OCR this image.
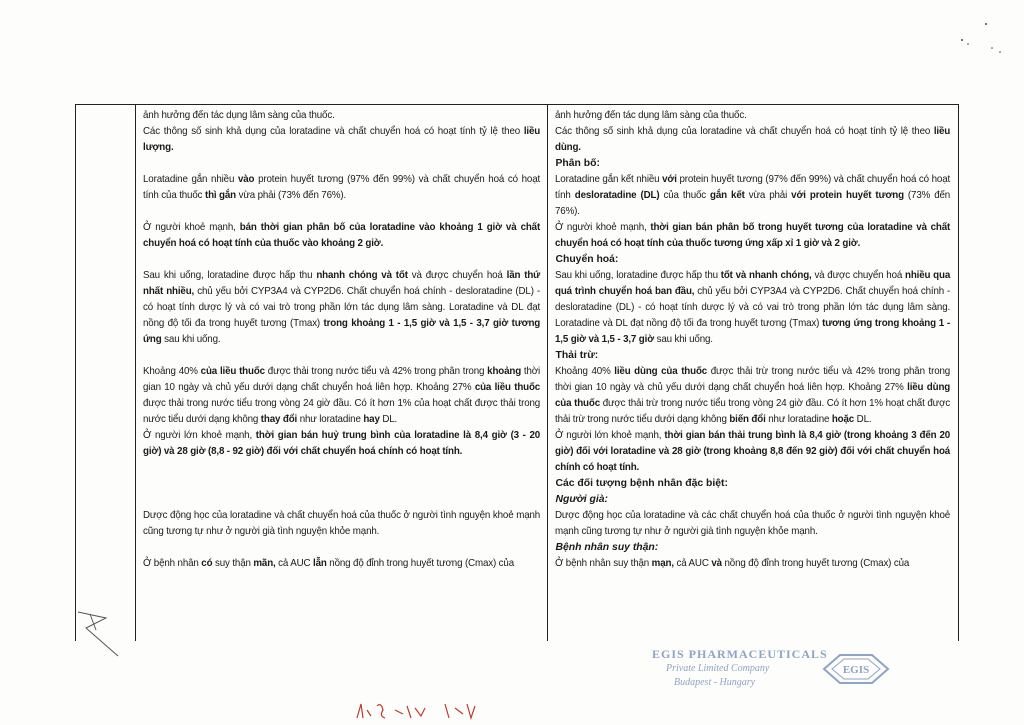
ảnh hưởng đến tác dụng lâm sàng của thuốc.

Các thông số sinh khả dụng của loratadine và chất chuyển hoá có hoạt tính tỷ lệ theo liều lượng.

Loratadine gắn nhiều vào protein huyết tương (97% đến 99%) và chất chuyển hoá có hoạt tính của thuốc thì gắn vừa phải (73% đến 76%).

Ở người khoẻ mạnh, bán thời gian phân bố của loratadine vào khoảng 1 giờ và chất chuyển hoá có hoạt tính của thuốc vào khoảng 2 giờ.

Sau khi uống, loratadine được hấp thu nhanh chóng và tốt và được chuyển hoá lần thứ nhất nhiều, chủ yếu bởi CYP3A4 và CYP2D6. Chất chuyển hoá chính - desloratadine (DL) - có hoạt tính dược lý và có vai trò trong phần lớn tác dụng lâm sàng. Loratadine và DL đạt nồng độ tối đa trong huyết tương (Tmax) trong khoảng 1 - 1,5 giờ và 1,5 - 3,7 giờ tương ứng sau khi uống.

Khoảng 40% của liều thuốc được thải trong nước tiểu và 42% trong phân trong khoảng thời gian 10 ngày và chủ yếu dưới dạng chất chuyển hoá liên hợp. Khoảng 27% của liều thuốc được thải trong nước tiểu trong vòng 24 giờ đầu. Có ít hơn 1% của hoạt chất được thải trong nước tiểu dưới dạng không thay đổi như loratadine hay DL.

Ở người lớn khoẻ mạnh, thời gian bán huỷ trung bình của loratadine là 8,4 giờ (3 - 20 giờ) và 28 giờ (8,8 - 92 giờ) đối với chất chuyển hoá chính có hoạt tính.

Dược động học của loratadine và chất chuyển hoá của thuốc ở người tình nguyện khoẻ mạnh cũng tương tự như ở người già tình nguyện khỏe mạnh.

Ở bệnh nhân có suy thận mãn, cả AUC lẫn nồng độ đỉnh trong huyết tương (Cmax) của

ảnh hưởng đến tác dụng lâm sàng của thuốc.

Các thông số sinh khả dụng của loratadine và chất chuyển hoá có hoạt tính tỷ lệ theo liều dùng.

Phân bố:

Loratadine gắn kết nhiều với protein huyết tương (97% đến 99%) và chất chuyển hoá có hoạt tính desloratadine (DL) của thuốc gắn kết vừa phải với protein huyết tương (73% đến 76%).

Ở người khoẻ mạnh, thời gian bán phân bố trong huyết tương của loratadine và chất chuyển hoá có hoạt tính của thuốc tương ứng xấp xỉ 1 giờ và 2 giờ.

Chuyển hoá:

Sau khi uống, loratadine được hấp thu tốt và nhanh chóng, và được chuyển hoá nhiều qua quá trình chuyển hoá ban đầu, chủ yếu bởi CYP3A4 và CYP2D6. Chất chuyển hoá chính - desloratadine (DL) - có hoạt tính dược lý và có vai trò trong phần lớn tác dụng lâm sàng. Loratadine và DL đạt nồng độ tối đa trong huyết tương (Tmax) tương ứng trong khoảng 1 - 1,5 giờ và 1,5 - 3,7 giờ sau khi uống.

Thải trừ:

Khoảng 40% liều dùng của thuốc được thải trừ trong nước tiểu và 42% trong phân trong thời gian 10 ngày và chủ yếu dưới dạng chất chuyển hoá liên hợp. Khoảng 27% liều dùng của thuốc được thải trừ trong nước tiểu trong vòng 24 giờ đầu. Có ít hơn 1% hoạt chất được thải trừ trong nước tiểu dưới dạng không biến đổi như loratadine hoặc DL.

Ở người lớn khoẻ mạnh, thời gian bán thải trung bình là 8,4 giờ (trong khoảng 3 đến 20 giờ) đối với loratadine và 28 giờ (trong khoảng 8,8 đến 92 giờ) đối với chất chuyển hoá chính có hoạt tính.

Các đối tượng bệnh nhân đặc biệt:
Người già:

Dược động học của loratadine và các chất chuyển hoá của thuốc ở người tình nguyện khoẻ mạnh cũng tương tự như ở người già tình nguyện khỏe mạnh.

Bệnh nhân suy thận:

Ở bệnh nhân suy thận mạn, cả AUC và nồng độ đỉnh trong huyết tương (Cmax) của

EGIS PHARMACEUTICALS
Private Limited Company
Budapest - Hungary
EGIS
